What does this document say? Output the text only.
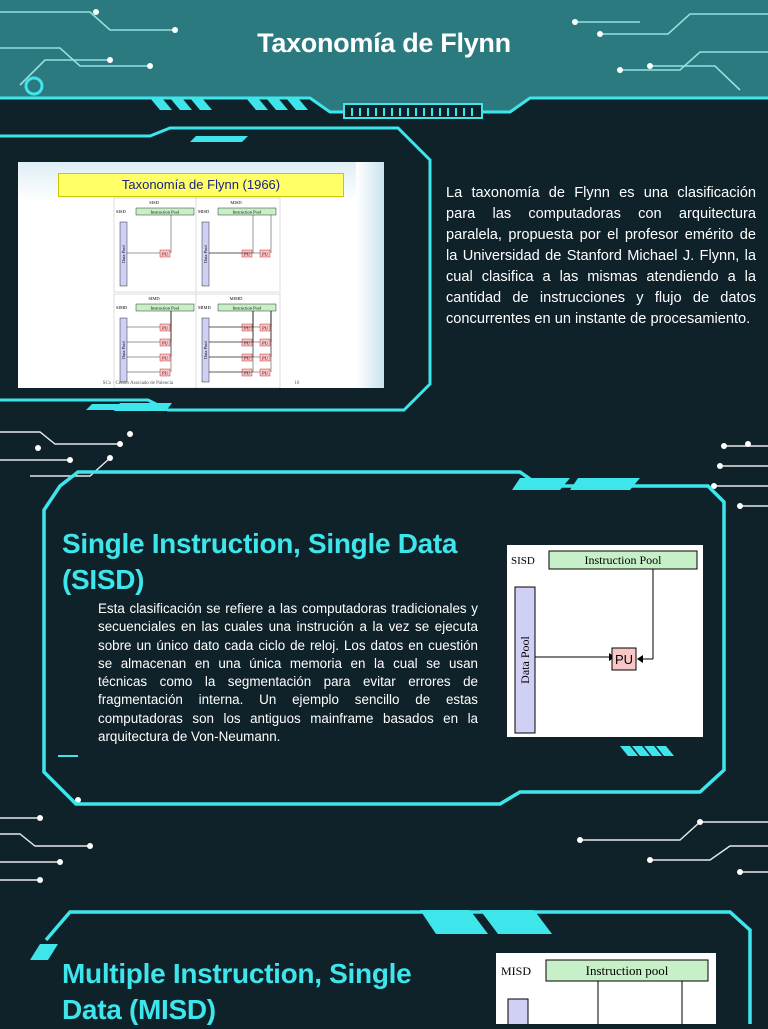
Taxonomía de Flynn
Taxonomía de Flynn (1966)
SISD
SISD	Instruction Pool
Data Pool	PU
MISD
MISD	Instruction Pool
Data Pool	PU	PU
SIMD
SIMD	Instruction Pool
Data Pool
PU
PU
PU
PU
MIMD
MIMD	Instruction Pool
Data Pool
PU	PU
PU	PU
PU	PU
PU	PU
SCx · Centro Asociado de Palencia	16
La taxonomía de Flynn es una clasificación para las computadoras con arquitectura paralela, propuesta por el profesor emérito de la Universidad de Stanford Michael J. Flynn, la cual clasifica a las mismas atendiendo a la cantidad de instrucciones y flujo de datos concurrentes en un instante de procesamiento.
Single Instruction, Single Data
(SISD)
Esta clasificación se refiere a las computadoras tradicionales y secuenciales en las cuales una instrución a la vez se ejecuta sobre un único dato cada ciclo de reloj. Los datos en cuestión se almacenan en una única memoria en la cual se usan técnicas como la segmentación para evitar errores de fragmentación interna. Un ejemplo sencillo de estas computadoras son los antiguos mainframe basados en la arquitectura de Von-Neumann.
SISD	Instruction Pool
Data Pool	PU
Multiple Instruction, Single
Data (MISD)
MISD	Instruction pool
